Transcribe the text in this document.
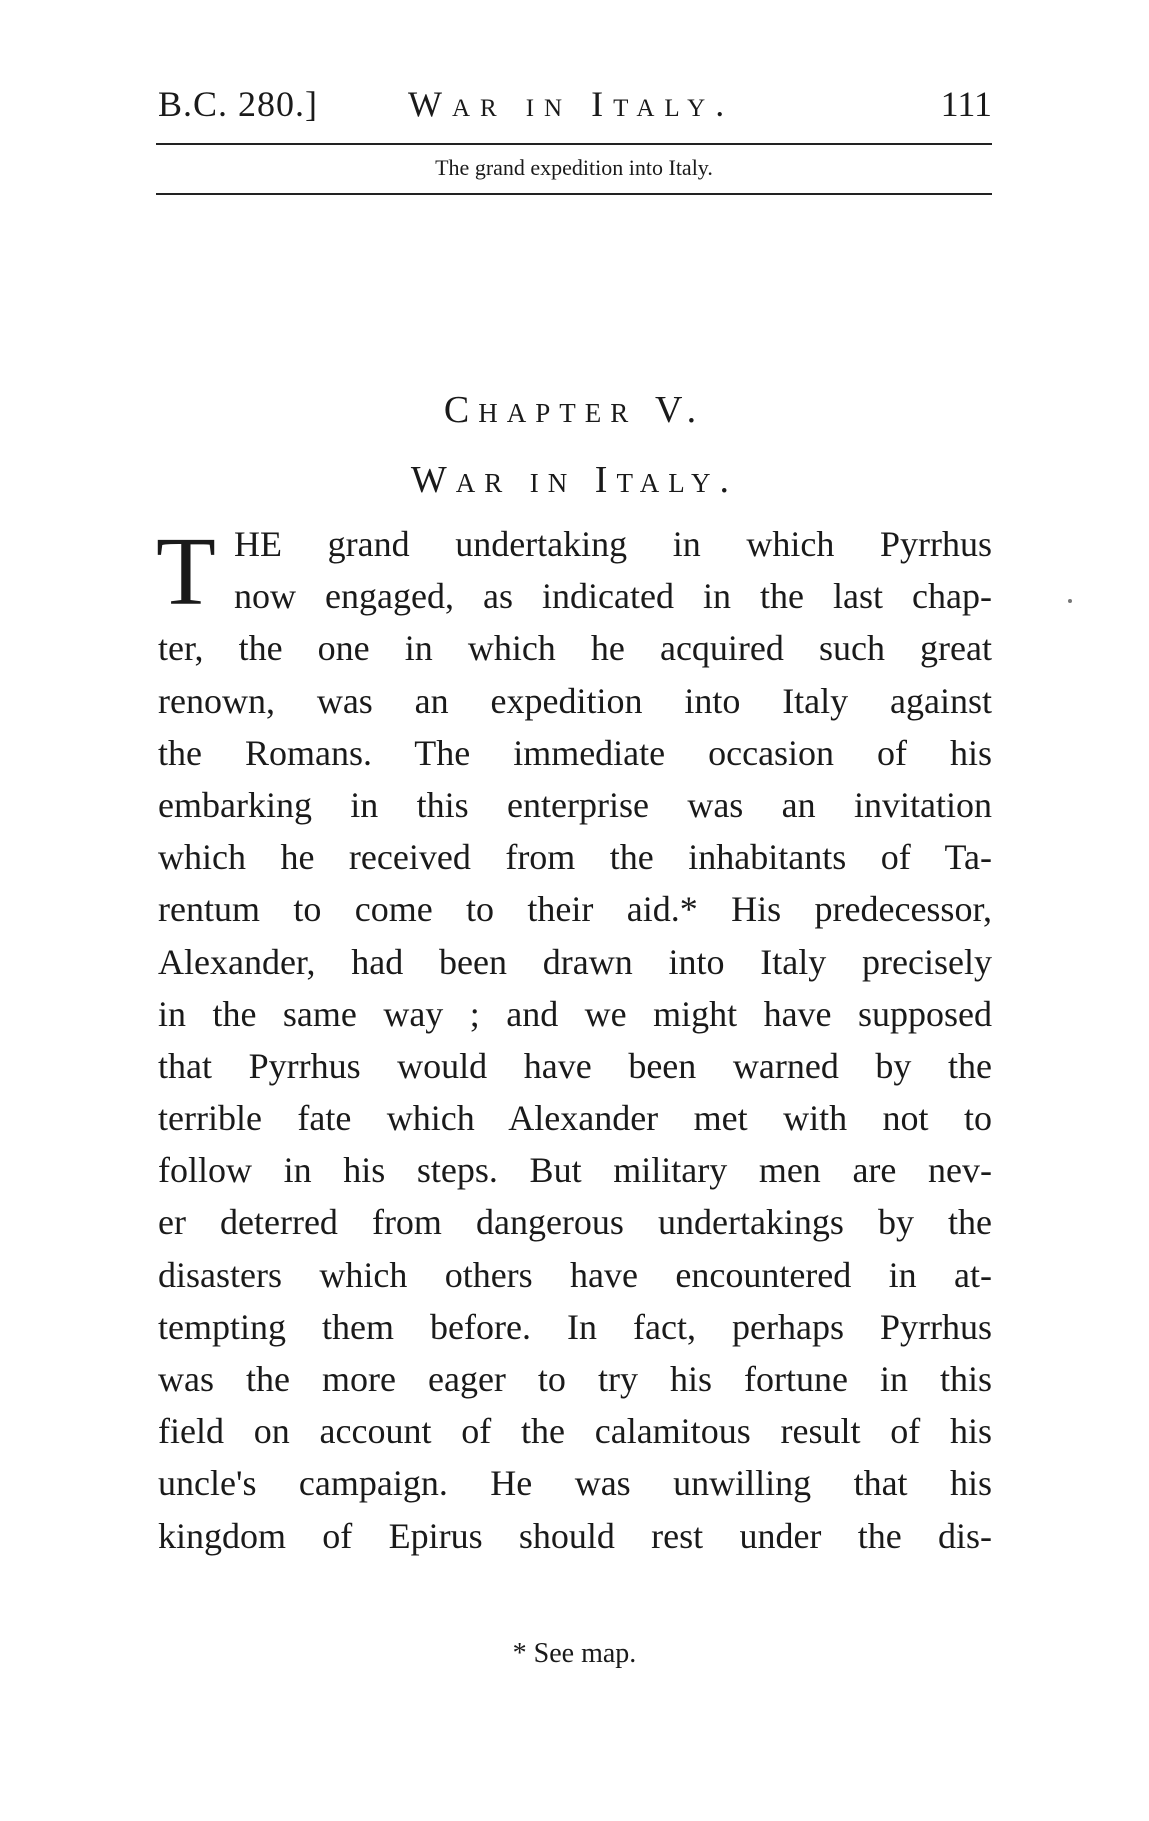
B.C. 280.] War in Italy.	111
The grand expedition into Italy.
Chapter V.
War in Italy.
T HE grand undertaking in which Pyrrhus
now engaged, as indicated in the last chap-
ter, the one in which he acquired such great
renown, was an expedition into Italy against
the Romans. The immediate occasion of his
embarking in this enterprise was an invitation
which he received from the inhabitants of Ta-
rentum to come to their aid.* His predecessor,
Alexander, had been drawn into Italy precisely
in the same way ; and we might have supposed
that Pyrrhus would have been warned by the
terrible fate which Alexander met with not to
follow in his steps. But military men are nev-
er deterred from dangerous undertakings by the
disasters which others have encountered in at-
tempting them before. In fact, perhaps Pyrrhus
was the more eager to try his fortune in this
field on account of the calamitous result of his
uncle's campaign. He was unwilling that his
kingdom of Epirus should rest under the dis-
* See map.
